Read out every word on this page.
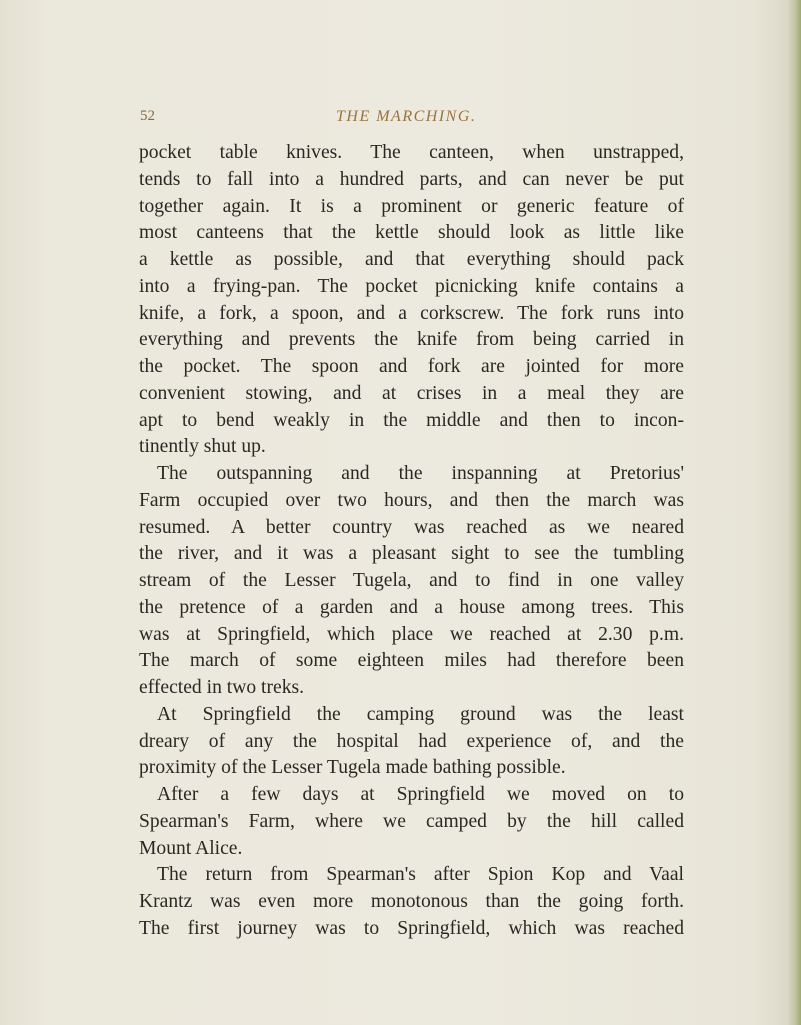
52	THE MARCHING.
pocket table knives. The canteen, when unstrapped,
tends to fall into a hundred parts, and can never be put
together again. It is a prominent or generic feature of
most canteens that the kettle should look as little like
a kettle as possible, and that everything should pack
into a frying-pan. The pocket picnicking knife contains a
knife, a fork, a spoon, and a corkscrew. The fork runs into
everything and prevents the knife from being carried in
the pocket. The spoon and fork are jointed for more
convenient stowing, and at crises in a meal they are
apt to bend weakly in the middle and then to incon-
tinently shut up.
The outspanning and the inspanning at Pretorius'
Farm occupied over two hours, and then the march was
resumed. A better country was reached as we neared
the river, and it was a pleasant sight to see the tumbling
stream of the Lesser Tugela, and to find in one valley
the pretence of a garden and a house among trees. This
was at Springfield, which place we reached at 2.30 p.m.
The march of some eighteen miles had therefore been
effected in two treks.
At Springfield the camping ground was the least
dreary of any the hospital had experience of, and the
proximity of the Lesser Tugela made bathing possible.
After a few days at Springfield we moved on to
Spearman's Farm, where we camped by the hill called
Mount Alice.
The return from Spearman's after Spion Kop and Vaal
Krantz was even more monotonous than the going forth.
The first journey was to Springfield, which was reached
